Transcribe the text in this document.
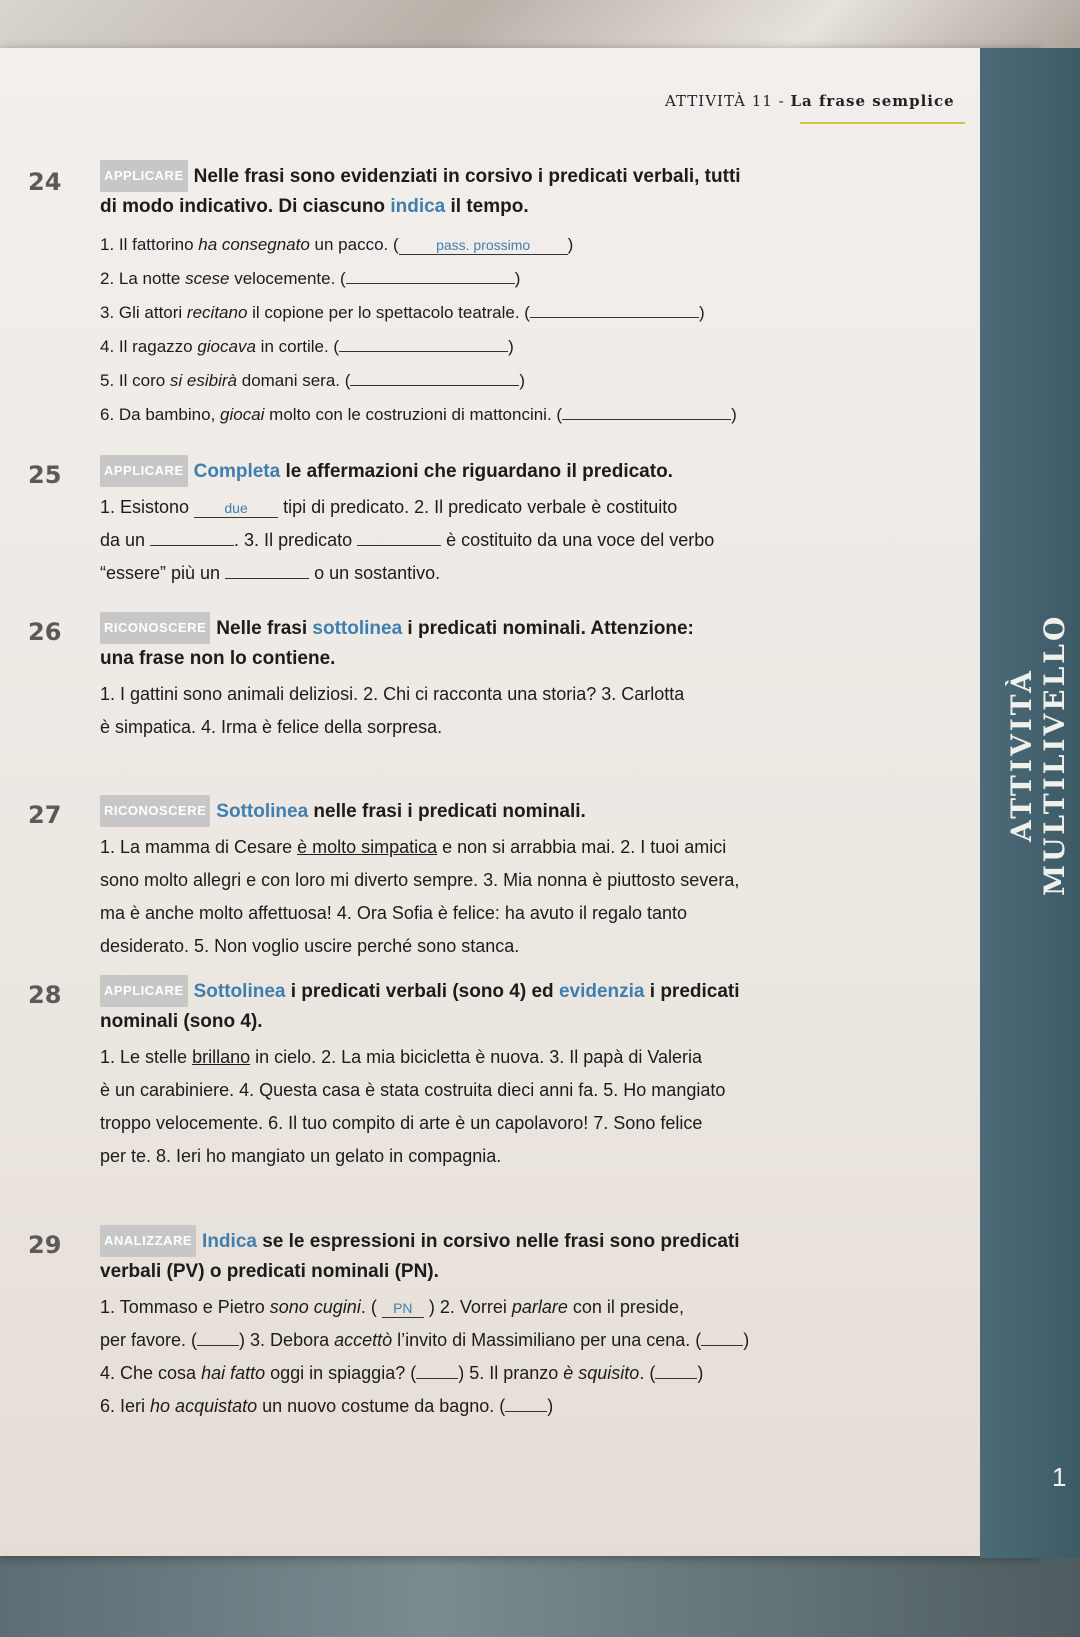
ATTIVITÀ MULTILIVELLO
1
ATTIVITÀ 11 - La frase semplice
24	APPLICARE Nelle frasi sono evidenziati in corsivo i predicati verbali, tutti
di modo indicativo. Di ciascuno indica il tempo.
1. Il fattorino ha consegnato un pacco. (	pass. prossimo )
2. La notte scese velocemente. (	)
3. Gli attori recitano il copione per lo spettacolo teatrale. (	)
4. Il ragazzo giocava in cortile. (	)
5. Il coro si esibirà domani sera. (	)
6. Da bambino, giocai molto con le costruzioni di mattoncini. (	)
25	APPLICARE Completa le affermazioni che riguardano il predicato.
1. Esistono due tipi di predicato. 2. Il predicato verbale è costituito
da un	. 3. Il predicato	è costituito da una voce del verbo
“essere” più un	o un sostantivo.
26	RICONOSCERE Nelle frasi sottolinea i predicati nominali. Attenzione:
una frase non lo contiene.
1. I gattini sono animali deliziosi. 2. Chi ci racconta una storia? 3. Carlotta
è simpatica. 4. Irma è felice della sorpresa.
27	RICONOSCERE Sottolinea nelle frasi i predicati nominali.
1. La mamma di Cesare è molto simpatica e non si arrabbia mai. 2. I tuoi amici
sono molto allegri e con loro mi diverto sempre. 3. Mia nonna è piuttosto severa,
ma è anche molto affettuosa! 4. Ora Sofia è felice: ha avuto il regalo tanto
desiderato. 5. Non voglio uscire perché sono stanca.
28	APPLICARE Sottolinea i predicati verbali (sono 4) ed evidenzia i predicati
nominali (sono 4).
1. Le stelle brillano in cielo. 2. La mia bicicletta è nuova. 3. Il papà di Valeria
è un carabiniere. 4. Questa casa è stata costruita dieci anni fa. 5. Ho mangiato
troppo velocemente. 6. Il tuo compito di arte è un capolavoro! 7. Sono felice
per te. 8. Ieri ho mangiato un gelato in compagnia.
29	ANALIZZARE Indica se le espressioni in corsivo nelle frasi sono predicati
verbali (PV) o predicati nominali (PN).
1. Tommaso e Pietro sono cugini. ( PN ) 2. Vorrei parlare con il preside,
per favore. ( ) 3. Debora accettò l’invito di Massimiliano per una cena. ( )
4. Che cosa hai fatto oggi in spiaggia? ( ) 5. Il pranzo è squisito. ( )
6. Ieri ho acquistato un nuovo costume da bagno. ( )
